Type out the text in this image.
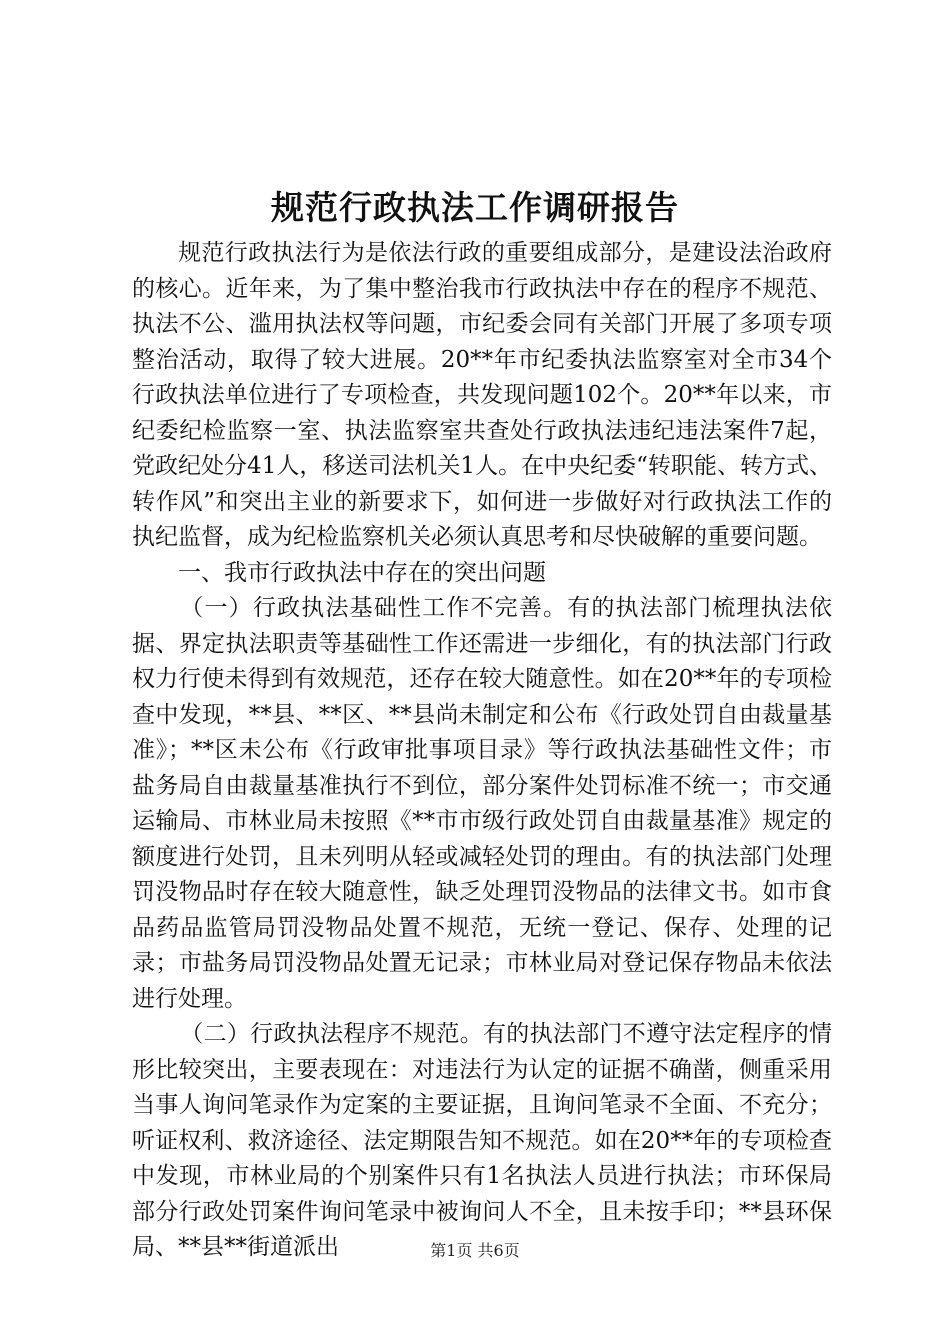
规范行政执法工作调研报告

规范行政执法行为是依法行政的重要组成部分，是建设法治政府的核心。近年来，为了集中整治我市行政执法中存在的程序不规范、执法不公、滥用执法权等问题，市纪委会同有关部门开展了多项专项整治活动，取得了较大进展。20**年市纪委执法监察室对全市34个行政执法单位进行了专项检查，共发现问题102个。20**年以来，市纪委纪检监察一室、执法监察室共查处行政执法违纪违法案件7起，党政纪处分41人，移送司法机关1人。在中央纪委“转职能、转方式、转作风”和突出主业的新要求下，如何进一步做好对行政执法工作的执纪监督，成为纪检监察机关必须认真思考和尽快破解的重要问题。

一、我市行政执法中存在的突出问题

（一）行政执法基础性工作不完善。有的执法部门梳理执法依据、界定执法职责等基础性工作还需进一步细化，有的执法部门行政权力行使未得到有效规范，还存在较大随意性。如在20**年的专项检查中发现，**县、**区、**县尚未制定和公布《行政处罚自由裁量基准》；**区未公布《行政审批事项目录》等行政执法基础性文件；市盐务局自由裁量基准执行不到位，部分案件处罚标准不统一；市交通运输局、市林业局未按照《**市市级行政处罚自由裁量基准》规定的额度进行处罚，且未列明从轻或减轻处罚的理由。有的执法部门处理罚没物品时存在较大随意性，缺乏处理罚没物品的法律文书。如市食品药品监管局罚没物品处置不规范，无统一登记、保存、处理的记录；市盐务局罚没物品处置无记录；市林业局对登记保存物品未依法进行处理。

（二）行政执法程序不规范。有的执法部门不遵守法定程序的情形比较突出，主要表现在：对违法行为认定的证据不确凿，侧重采用当事人询问笔录作为定案的主要证据，且询问笔录不全面、不充分；听证权利、救济途径、法定期限告知不规范。如在20**年的专项检查中发现，市林业局的个别案件只有1名执法人员进行执法；市环保局部分行政处罚案件询问笔录中被询问人不全，且未按手印；**县环保局、**县**街道派出	第1页 共6页
